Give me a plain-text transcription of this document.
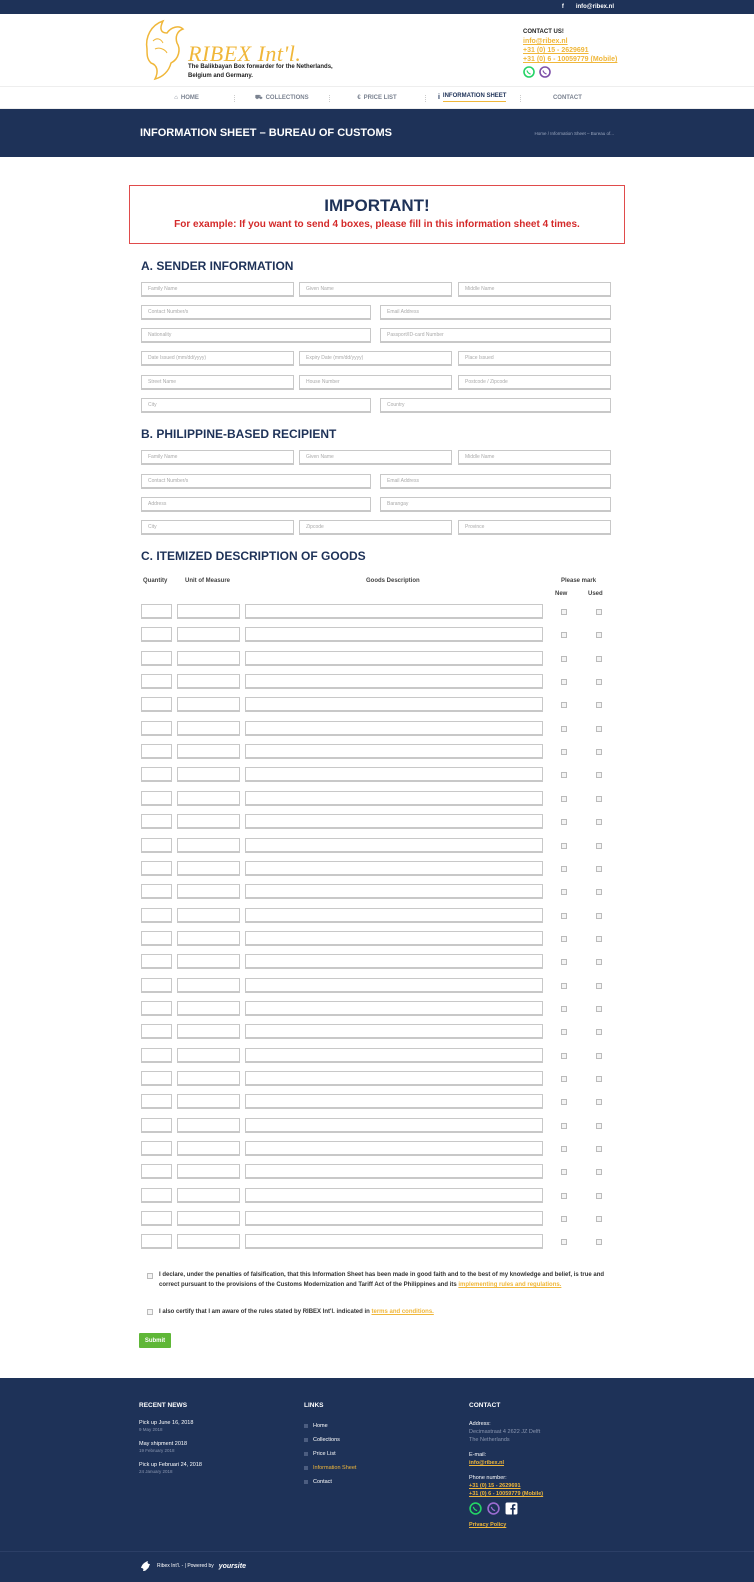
f info@ribex.nl
RIBEX Int'l.
The Balikbayan Box forwarder for the Netherlands, Belgium and Germany.
CONTACT US!
info@ribex.nl
+31 (0) 15 - 2629691
+31 (0) 6 - 10059779 (Mobile)
⌂ HOME	⛟ COLLECTIONS	€ PRICE LIST	i INFORMATION SHEET	CONTACT
INFORMATION SHEET – BUREAU OF CUSTOMS	Home / Information Sheet – Bureau of...
IMPORTANT!
For example: If you want to send 4 boxes, please fill in this information sheet 4 times.
A. SENDER INFORMATION
Family Name	Given Name	Middle Name
Contact Number/s	Email Address
Nationality	Passport/ID-card Number
Date Issued (mm/dd/yyyy)	Expiry Date (mm/dd/yyyy)	Place Issued
Street Name	House Number	Postcode / Zipcode
City	Country
B. PHILIPPINE-BASED RECIPIENT
Family Name	Given Name	Middle Name
Contact Number/s	Email Address
Address	Barangay
City	Zipcode	Province
C. ITEMIZED DESCRIPTION OF GOODS
Quantity	Unit of Measure	Goods Description	Please mark
New	Used
I declare, under the penalties of falsification, that this Information Sheet has been made in good faith and to the best of my knowledge and belief, is true and correct pursuant to the provisions of the Customs Modernization and Tariff Act of the Philippines and its implementing rules and regulations.
I also certify that I am aware of the rules stated by RIBEX Int'l. indicated in terms and conditions.
Submit
RECENT NEWS
Pick up June 16, 2018
9 May 2018
May shipment 2018
19 February 2018
Pick up Februari 24, 2018
24 January 2018
LINKS
Home
Collections
Price List
Information Sheet
Contact
CONTACT
Address:
Decimastraat 4 2622 JZ Delft
The Netherlands
E-mail:
info@ribex.nl
Phone number:
+31 (0) 15 - 2629691
+31 (0) 6 - 10059779 (Mobile)
Privacy Policy
Ribex Int'l. - | Powered by yoursite
